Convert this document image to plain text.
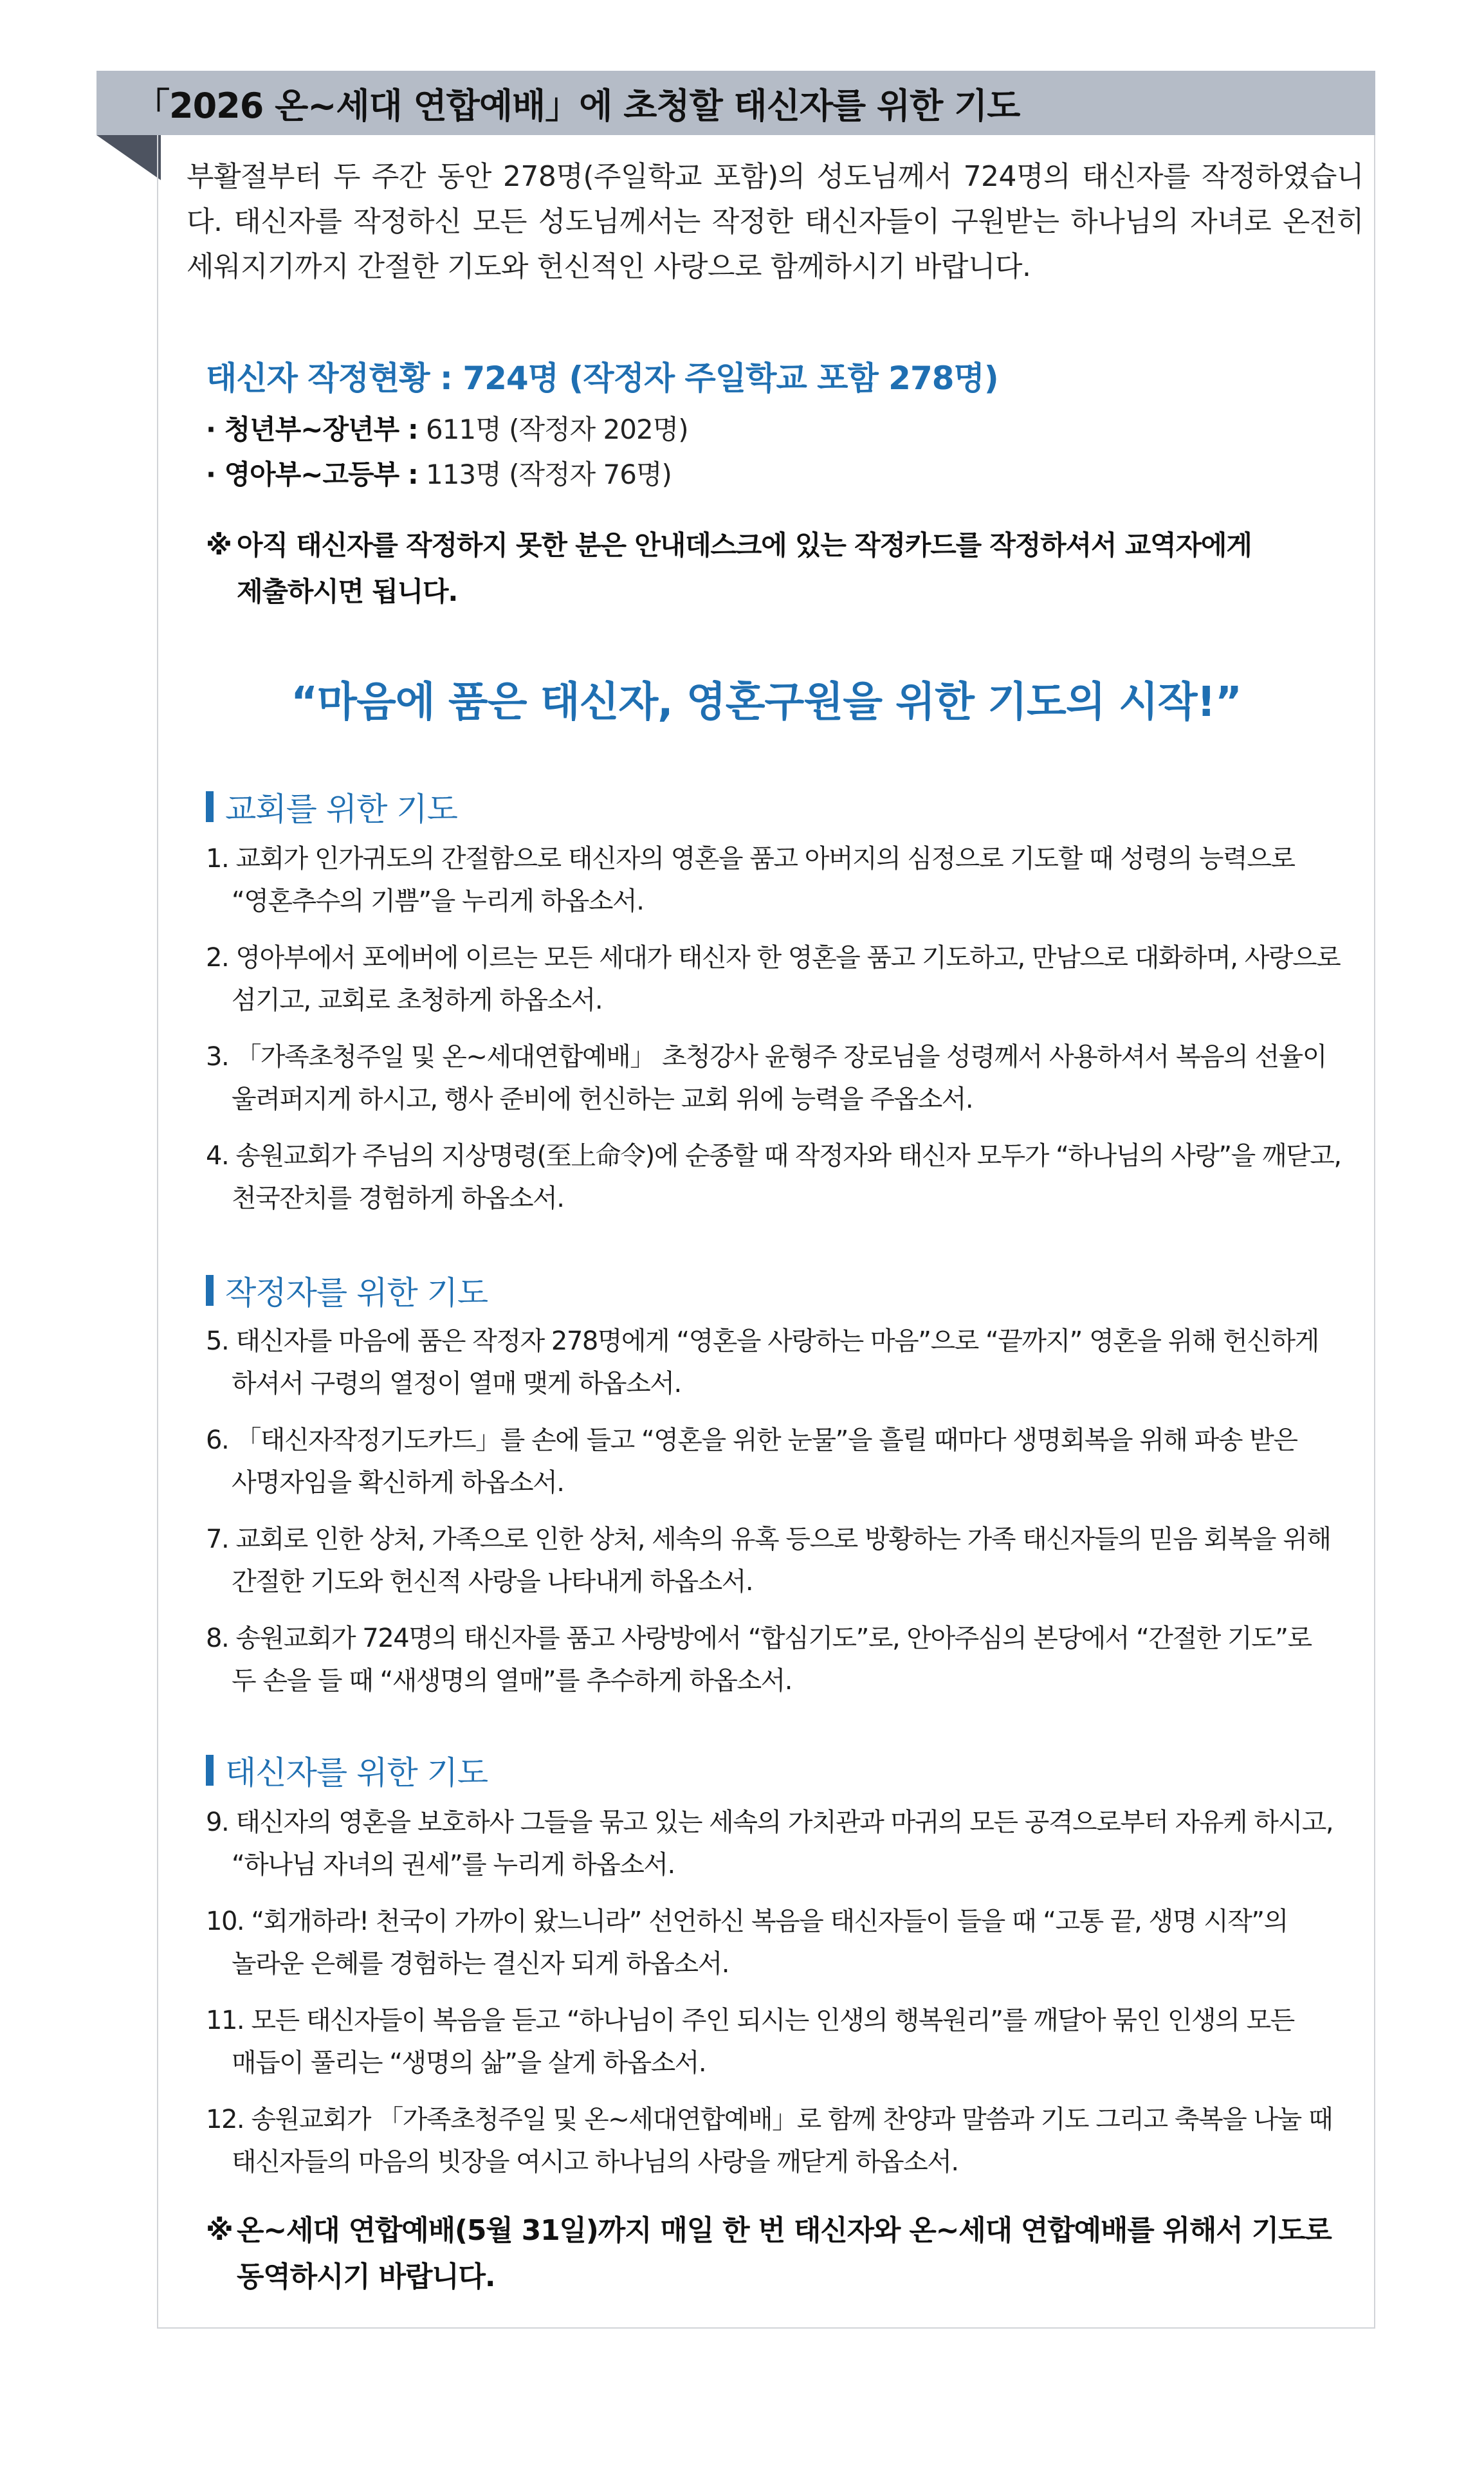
「2026 온~세대 연합예배」에 초청할 태신자를 위한 기도

부활절부터 두 주간 동안 278명(주일학교 포함)의 성도님께서 724명의 태신자를 작정하였습니다. 태신자를 작정하신 모든 성도님께서는 작정한 태신자들이 구원받는 하나님의 자녀로 온전히 세워지기까지 간절한 기도와 헌신적인 사랑으로 함께하시기 바랍니다.

태신자 작정현황 : 724명 (작정자 주일학교 포함 278명)
· 청년부~장년부 : 611명 (작정자 202명)
· 영아부~고등부 : 113명 (작정자 76명)

※ 아직 태신자를 작정하지 못한 분은 안내데스크에 있는 작정카드를 작정하셔서 교역자에게
제출하시면 됩니다.

“마음에 품은 태신자, 영혼구원을 위한 기도의 시작!”
교회를 위한 기도

1. 교회가 인가귀도의 간절함으로 태신자의 영혼을 품고 아버지의 심정으로 기도할 때 성령의 능력으로
“영혼추수의 기쁨”을 누리게 하옵소서.

2. 영아부에서 포에버에 이르는 모든 세대가 태신자 한 영혼을 품고 기도하고, 만남으로 대화하며, 사랑으로
섬기고, 교회로 초청하게 하옵소서.

3. 「가족초청주일 및 온~세대연합예배」 초청강사 윤형주 장로님을 성령께서 사용하셔서 복음의 선율이
울려퍼지게 하시고, 행사 준비에 헌신하는 교회 위에 능력을 주옵소서.

4. 송원교회가 주님의 지상명령(至上命令)에 순종할 때 작정자와 태신자 모두가 “하나님의 사랑”을 깨닫고,
천국잔치를 경험하게 하옵소서.

작정자를 위한 기도

5. 태신자를 마음에 품은 작정자 278명에게 “영혼을 사랑하는 마음”으로 “끝까지” 영혼을 위해 헌신하게
하셔서 구령의 열정이 열매 맺게 하옵소서.

6. 「태신자작정기도카드」를 손에 들고 “영혼을 위한 눈물”을 흘릴 때마다 생명회복을 위해 파송 받은
사명자임을 확신하게 하옵소서.

7. 교회로 인한 상처, 가족으로 인한 상처, 세속의 유혹 등으로 방황하는 가족 태신자들의 믿음 회복을 위해
간절한 기도와 헌신적 사랑을 나타내게 하옵소서.

8. 송원교회가 724명의 태신자를 품고 사랑방에서 “합심기도”로, 안아주심의 본당에서 “간절한 기도”로
두 손을 들 때 “새생명의 열매”를 추수하게 하옵소서.

태신자를 위한 기도

9. 태신자의 영혼을 보호하사 그들을 묶고 있는 세속의 가치관과 마귀의 모든 공격으로부터 자유케 하시고,
“하나님 자녀의 권세”를 누리게 하옵소서.

10. “회개하라! 천국이 가까이 왔느니라” 선언하신 복음을 태신자들이 들을 때 “고통 끝, 생명 시작”의
놀라운 은혜를 경험하는 결신자 되게 하옵소서.

11. 모든 태신자들이 복음을 듣고 “하나님이 주인 되시는 인생의 행복원리”를 깨달아 묶인 인생의 모든
매듭이 풀리는 “생명의 삶”을 살게 하옵소서.

12. 송원교회가 「가족초청주일 및 온~세대연합예배」로 함께 찬양과 말씀과 기도 그리고 축복을 나눌 때
태신자들의 마음의 빗장을 여시고 하나님의 사랑을 깨닫게 하옵소서.

※ 온~세대 연합예배(5월 31일)까지 매일 한 번 태신자와 온~세대 연합예배를 위해서 기도로
동역하시기 바랍니다.
